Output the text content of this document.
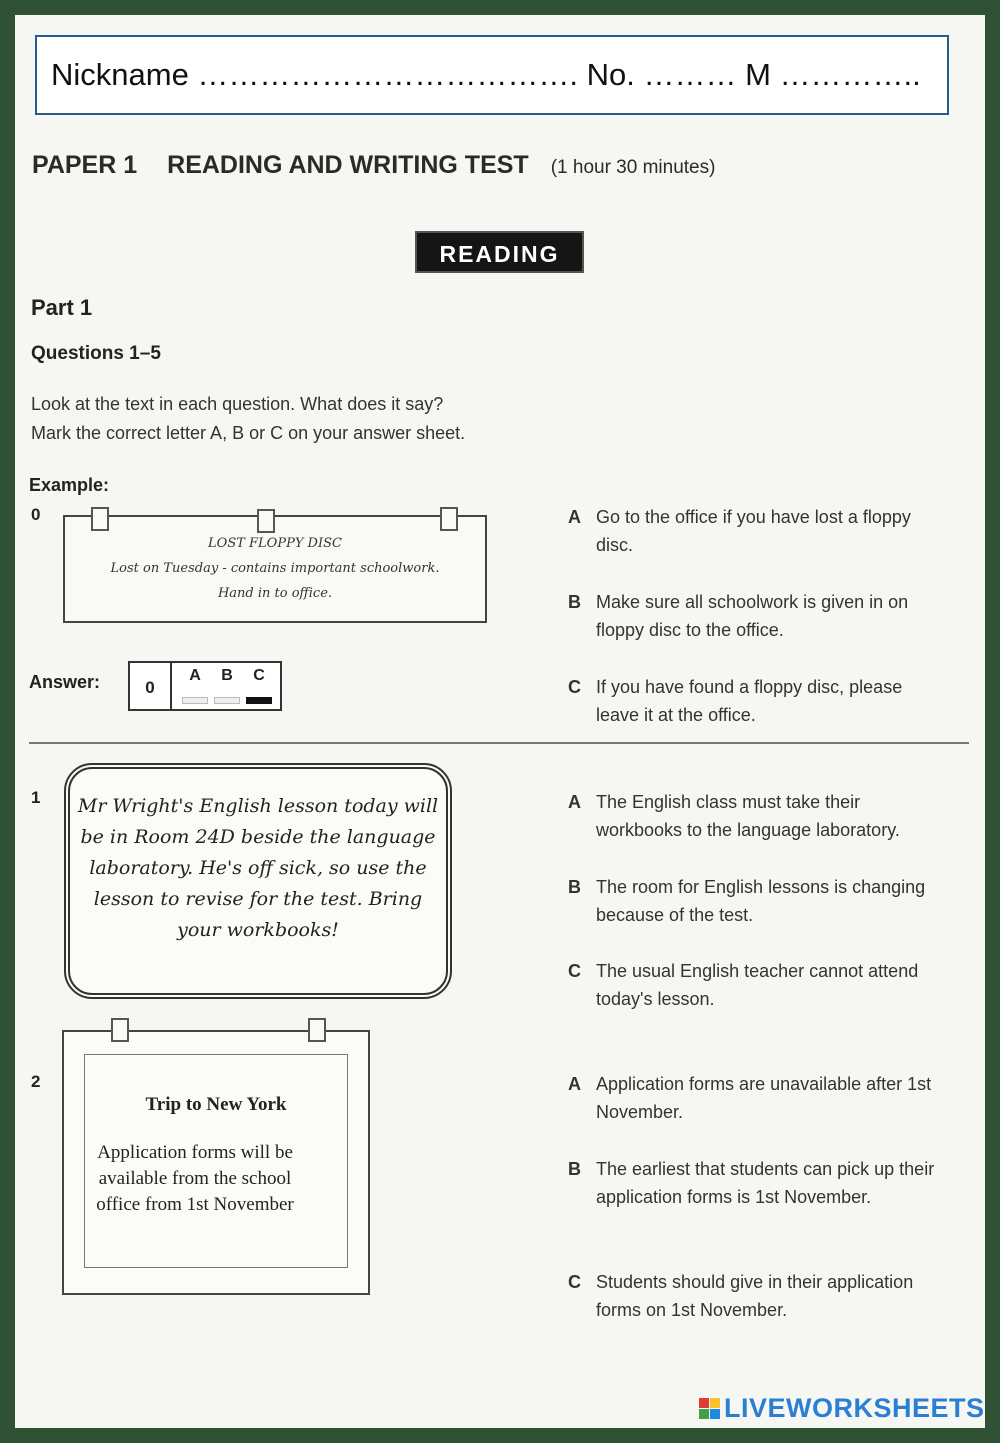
Nickname ………………………………. No. ……… M …………..
PAPER 1 READING AND WRITING TEST (1 hour 30 minutes)
READING
Part 1
Questions 1–5
Look at the text in each question. What does it say?
Mark the correct letter A, B or C on your answer sheet.
Example:
0
LOST FLOPPY DISC
Lost on Tuesday - contains important schoolwork.
Hand in to office.
A Go to the office if you have lost a floppy disc.
B Make sure all schoolwork is given in on floppy disc to the office.
C If you have found a floppy disc, please leave it at the office.
Answer:	0
A	B	C
1	Mr Wright's English lesson today will be in Room 24D beside the language laboratory. He's off sick, so use the lesson to revise for the test. Bring your workbooks!
A The English class must take their workbooks to the language laboratory.
B The room for English lessons is changing because of the test.
C The usual English teacher cannot attend today's lesson.
2
Trip to New York
Application forms will be available from the school office from 1st November
A Application forms are unavailable after 1st November.
B The earliest that students can pick up their application forms is 1st November.
C Students should give in their application forms on 1st November.
LIVEWORKSHEETS
